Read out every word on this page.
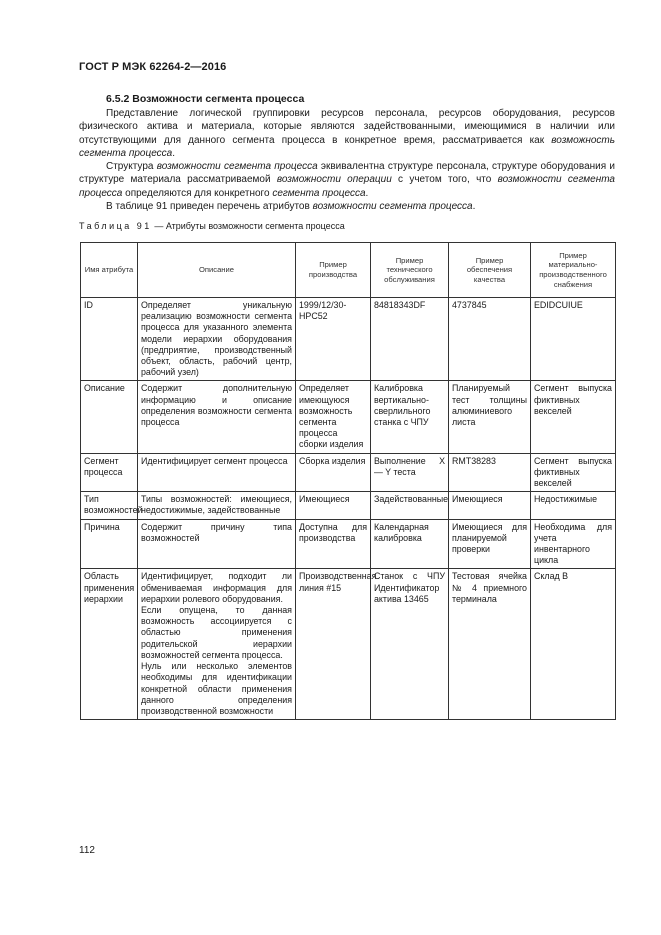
ГОСТ Р МЭК 62264-2—2016
6.5.2 Возможности сегмента процесса

Представление логической группировки ресурсов персонала, ресурсов оборудования, ресурсов физического актива и материала, которые являются задействованными, имеющимися в наличии или отсутствующими для данного сегмента процесса в конкретное время, рассматривается как возможность сегмента процесса.

Структура возможности сегмента процесса эквивалентна структуре персонала, структуре оборудования и структуре материала рассматриваемой возможности операции с учетом того, что возможности сегмента процесса определяются для конкретного сегмента процесса.

В таблице 91 приведен перечень атрибутов возможности сегмента процесса.

Таблица 91 — Атрибуты возможности сегмента процесса
Имя атрибута	Описание	Пример производства	Пример технического обслуживания	Пример обеспечения качества	Пример материально-производственного снабжения

ID	Определяет уникальную реализацию возможности сегмента процесса для указанного элемента модели иерархии оборудования (предприятие, производственный объект, область, рабочий центр, рабочий узел)	1999/12/30-HPC52	84818343DF	4737845	EDIDCUIUE

Описание	Содержит дополнительную информацию и описание определения возможности сегмента процесса	Определяет имеющуюся возможность сегмента процесса сборки изделия	Калибровка вертикально-сверлильного станка с ЧПУ	Планируемый тест толщины алюминиевого листа	Сегмент выпуска фиктивных векселей

Сегмент процесса	Идентифицирует сегмент процесса	Сборка изделия	Выполнение X — Y теста	RMT38283	Сегмент выпуска фиктивных векселей

Тип возможностей	Типы возможностей: имеющиеся, недостижимые, задействованные	Имеющиеся	Задействованные	Имеющиеся	Недостижимые

Причина	Содержит причину типа возможностей	Доступна для производства	Календарная калибровка	Имеющиеся для планируемой проверки	Необходима для учета инвентарного цикла

Область применения иерархии	Идентифицирует, подходит ли обмениваемая информация для иерархии ролевого оборудования.
Если опущена, то данная возможность ассоциируется с областью применения родительской иерархии возможностей сегмента процесса.
Нуль или несколько элементов необходимы для идентификации конкретной области применения данного определения производственной возможности	Производственная линия #15	Станок с ЧПУ Идентификатор актива 13465	Тестовая ячейка № 4 приемного терминала	Склад В
112
